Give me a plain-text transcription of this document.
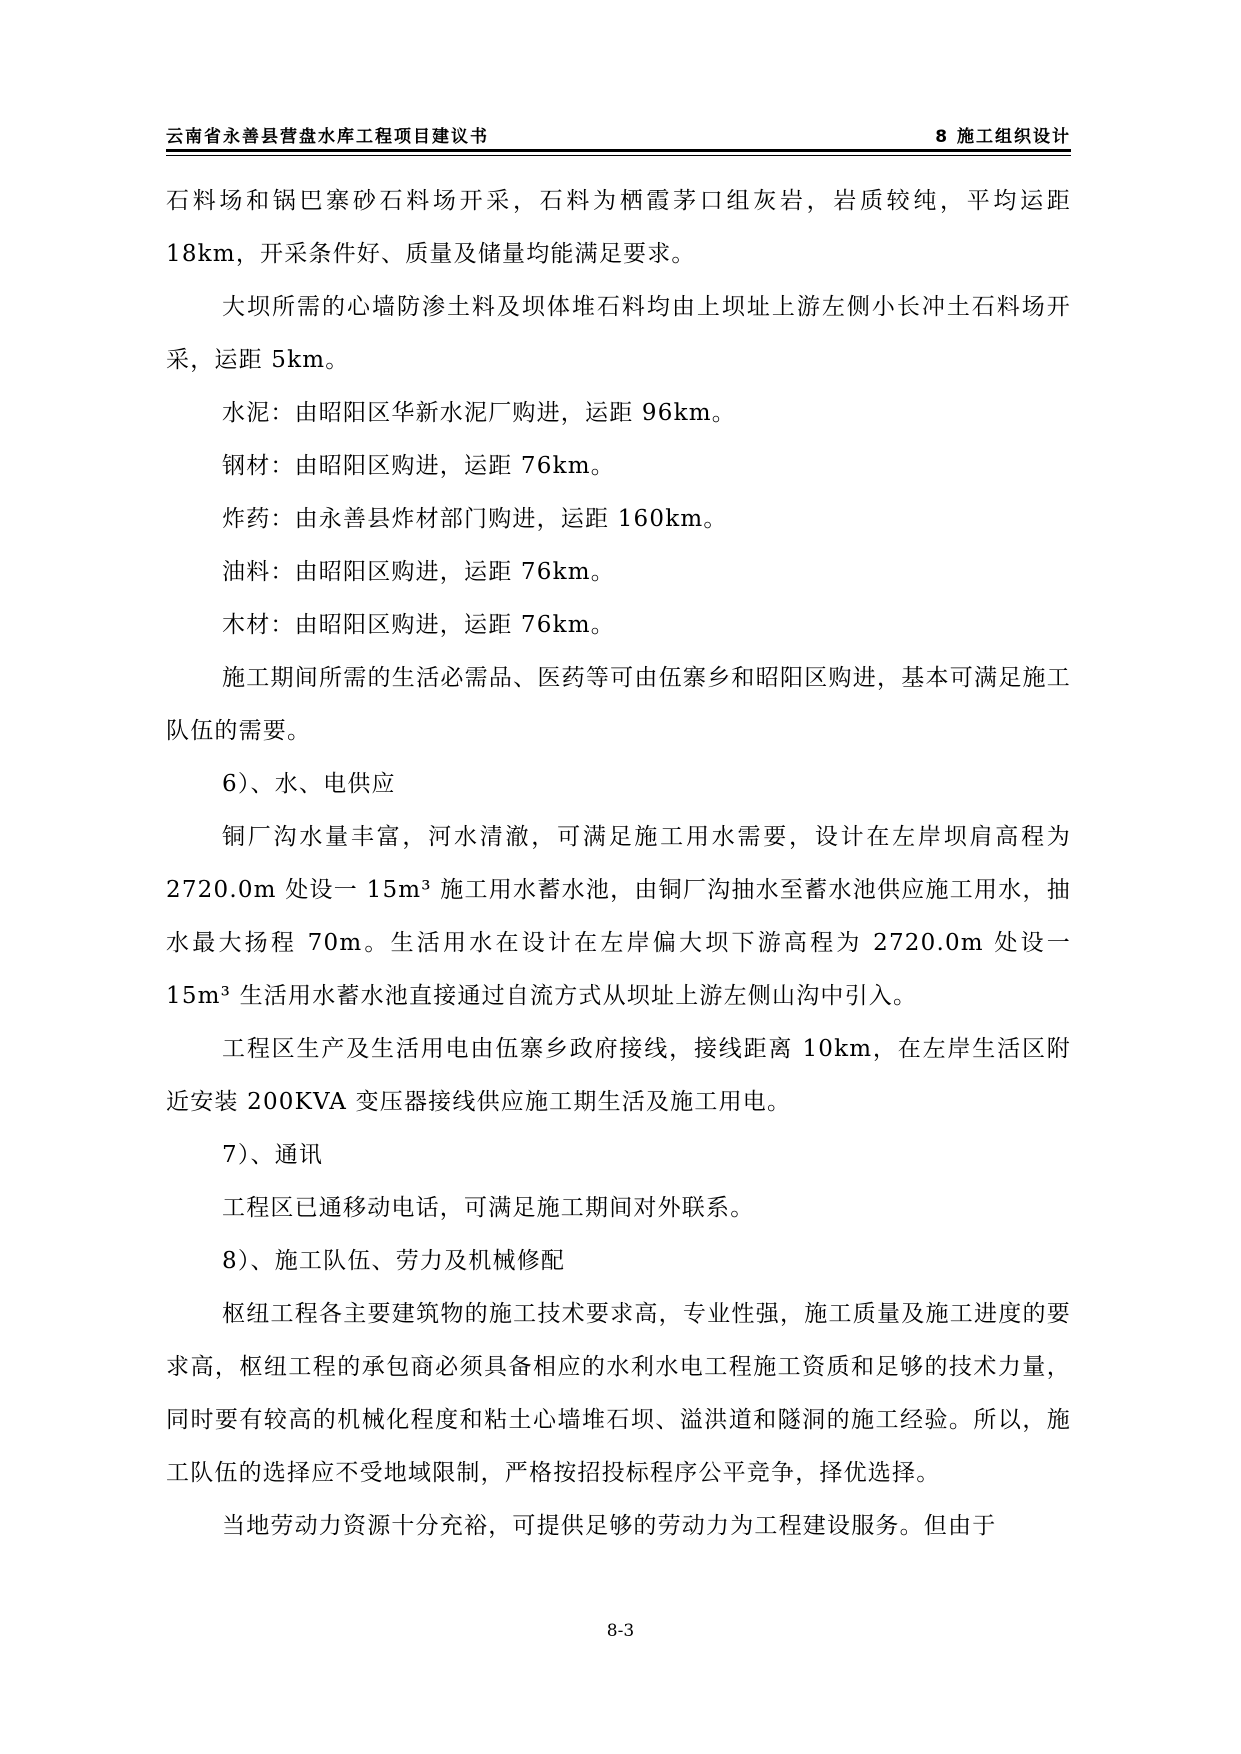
云南省永善县营盘水库工程项目建议书	8 施工组织设计

石料场和锅巴寨砂石料场开采，石料为栖霞茅口组灰岩，岩质较纯，平均运距18km，开采条件好、质量及储量均能满足要求。

大坝所需的心墙防渗土料及坝体堆石料均由上坝址上游左侧小长冲土石料场开采，运距 5km。

水泥：由昭阳区华新水泥厂购进，运距 96km。

钢材：由昭阳区购进，运距 76km。

炸药：由永善县炸材部门购进，运距 160km。

油料：由昭阳区购进，运距 76km。

木材：由昭阳区购进，运距 76km。

施工期间所需的生活必需品、医药等可由伍寨乡和昭阳区购进，基本可满足施工队伍的需要。

6）、水、电供应

铜厂沟水量丰富，河水清澈，可满足施工用水需要，设计在左岸坝肩高程为 2720.0m 处设一 15m³ 施工用水蓄水池，由铜厂沟抽水至蓄水池供应施工用水，抽水最大扬程 70m。生活用水在设计在左岸偏大坝下游高程为 2720.0m 处设一 15m³ 生活用水蓄水池直接通过自流方式从坝址上游左侧山沟中引入。

工程区生产及生活用电由伍寨乡政府接线，接线距离 10km，在左岸生活区附近安装 200KVA 变压器接线供应施工期生活及施工用电。

7）、通讯

工程区已通移动电话，可满足施工期间对外联系。

8）、施工队伍、劳力及机械修配

枢纽工程各主要建筑物的施工技术要求高，专业性强，施工质量及施工进度的要求高，枢纽工程的承包商必须具备相应的水利水电工程施工资质和足够的技术力量，同时要有较高的机械化程度和粘土心墙堆石坝、溢洪道和隧洞的施工经验。所以，施工队伍的选择应不受地域限制，严格按招投标程序公平竞争，择优选择。

当地劳动力资源十分充裕，可提供足够的劳动力为工程建设服务。但由于

8-3
